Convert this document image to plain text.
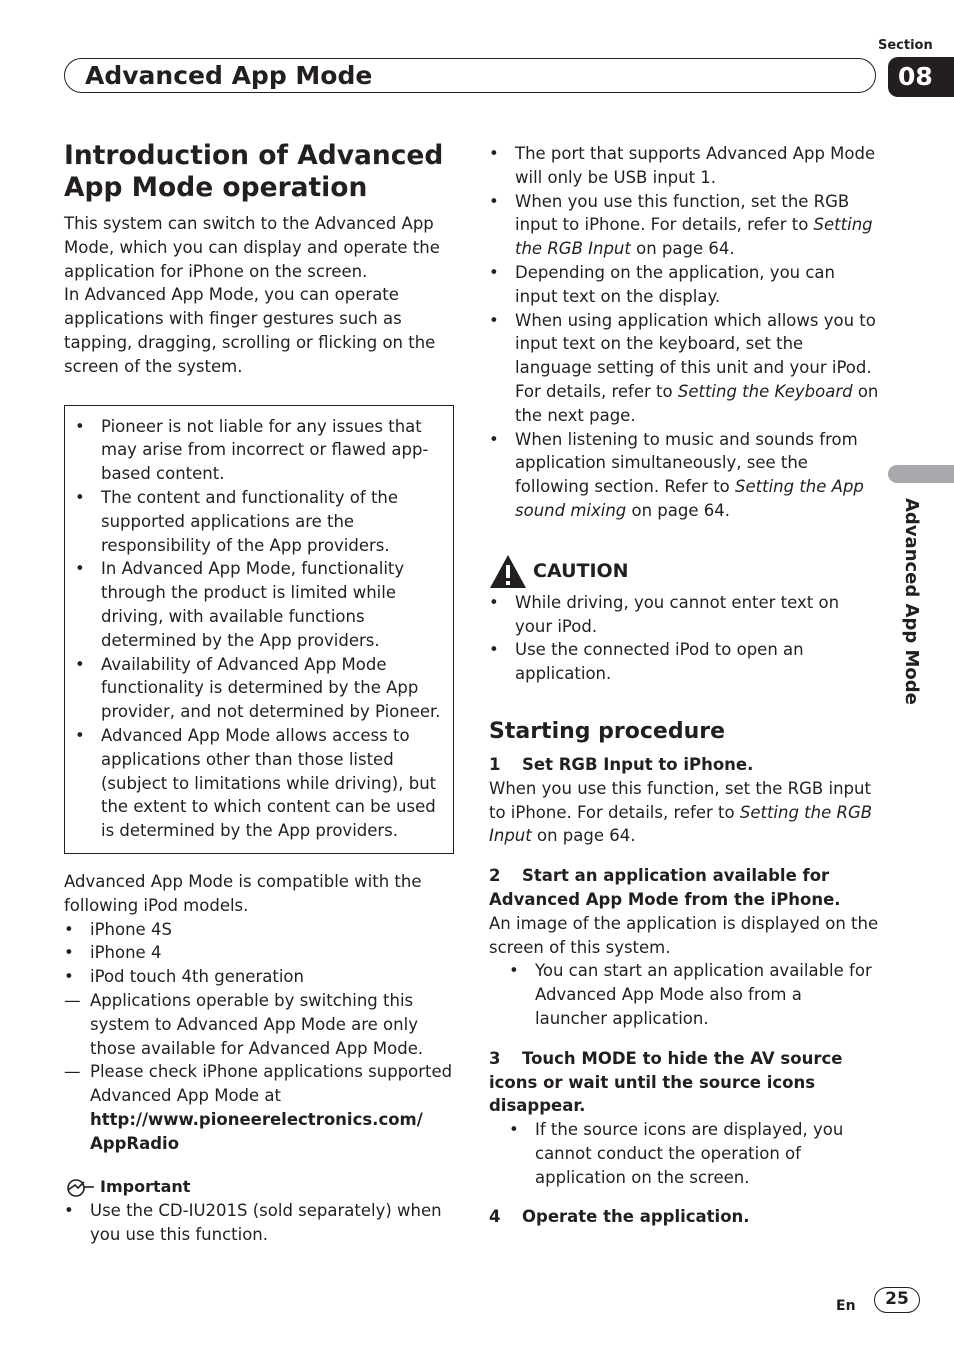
Advanced App Mode
Section
08
Advanced App Mode
Introduction of Advanced App Mode operation

This system can switch to the Advanced App Mode, which you can display and operate the application for iPhone on the screen.

In Advanced App Mode, you can operate applications with finger gestures such as tapping, dragging, scrolling or flicking on the screen of the system.

• Pioneer is not liable for any issues that may arise from incorrect or flawed app-based content.
• The content and functionality of the supported applications are the responsibility of the App providers.
• In Advanced App Mode, functionality through the product is limited while driving, with available functions determined by the App providers.
• Availability of Advanced App Mode functionality is determined by the App provider, and not determined by Pioneer.
• Advanced App Mode allows access to applications other than those listed (subject to limitations while driving), but the extent to which content can be used is determined by the App providers.

Advanced App Mode is compatible with the following iPod models.

• iPhone 4S
• iPhone 4
• iPod touch 4th generation
— Applications operable by switching this system to Advanced App Mode are only those available for Advanced App Mode.
— Please check iPhone applications supported Advanced App Mode at
http://www.pioneerelectronics.com/AppRadio
Important
• Use the CD-IU201S (sold separately) when you use this function.
• The port that supports Advanced App Mode will only be USB input 1.
• When you use this function, set the RGB input to iPhone. For details, refer to Setting the RGB Input on page 64.
• Depending on the application, you can input text on the display.
• When using application which allows you to input text on the keyboard, set the language setting of this unit and your iPod. For details, refer to Setting the Keyboard on the next page.
• When listening to music and sounds from application simultaneously, see the following section. Refer to Setting the App sound mixing on page 64.
CAUTION
• While driving, you cannot enter text on your iPod.
• Use the connected iPod to open an application.
Starting procedure
1 Set RGB Input to iPhone.

When you use this function, set the RGB input to iPhone. For details, refer to Setting the RGB Input on page 64.

2 Start an application available for Advanced App Mode from the iPhone.

An image of the application is displayed on the screen of this system.

• You can start an application available for Advanced App Mode also from a launcher application.
3 Touch MODE to hide the AV source icons or wait until the source icons disappear.
• If the source icons are displayed, you cannot conduct the operation of application on the screen.
4 Operate the application.
En	25
